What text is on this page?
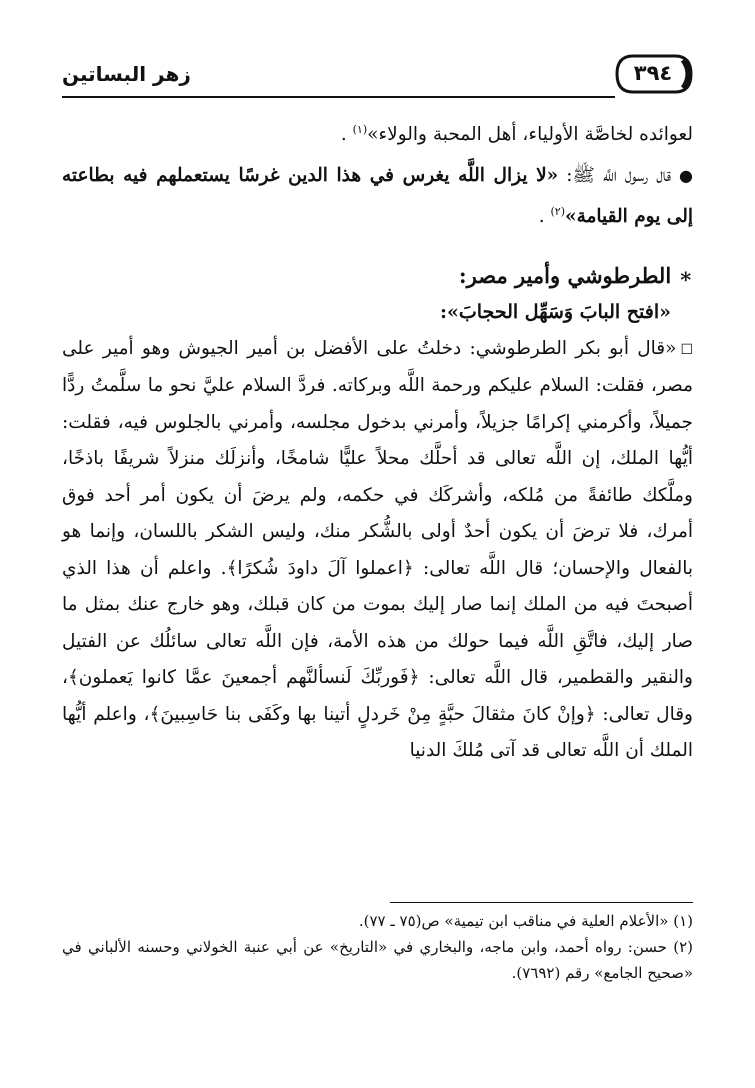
٣٩٤
زهر البساتين

لعوائده لخاصَّة الأولياء، أهل المحبة والولاء»$^{(١)}$ .

●قال رسول اللَّه ﷺ: «لا يزال اللَّه يغرس في هذا الدين غرسًا يستعملهم فيه بطاعته إلى يوم القيامة»$^{(٢)}$ .

∗ الطرطوشي وأمير مصر:

«افتح البابَ وَسَهِّل الحجابَ»:

☐«قال أبو بكر الطرطوشي: دخلتُ على الأفضل بن أمير الجيوش وهو أمير على مصر، فقلت: السلام عليكم ورحمة اللَّه وبركاته. فردَّ السلام عليَّ نحو ما سلَّمتُ ردًّا جميلاً، وأكرمني إكرامًا جزيلاً، وأمرني بدخول مجلسه، وأمرني بالجلوس فيه، فقلت: أيُّها الملك، إن اللَّه تعالى قد أحلَّك محلاً عليًّا شامخًا، وأنزلَك منزلاً شريفًا باذخًا، وملَّكك طائفةً من مُلكه، وأشركَك في حكمه، ولم يرضَ أن يكون أمر أحد فوق أمرك، فلا ترضَ أن يكون أحدٌ أولى بالشُّكر منك، وليس الشكر باللسان، وإنما هو بالفعال والإحسان؛ قال اللَّه تعالى: ﴿اعملوا آلَ داودَ شُكرًا﴾. واعلم أن هذا الذي أصبحتَ فيه من الملك إنما صار إليك بموت من كان قبلك، وهو خارج عنك بمثل ما صار إليك، فاتَّقِ اللَّه فيما حولك من هذه الأمة، فإن اللَّه تعالى سائلُك عن الفتيل والنقير والقطمير، قال اللَّه تعالى: ﴿فَوربِّكَ لَنسألنَّهم أجمعينَ عمَّا كانوا يَعملون﴾، وقال تعالى: ﴿وإنْ كانَ مثقالَ حبَّةٍ مِنْ خَردلٍ أتينا بها وكَفَى بنا حَاسِبينَ﴾، واعلم أيُّها الملك أن اللَّه تعالى قد آتى مُلكَ الدنيا

(١) «الأعلام العلية في مناقب ابن تيمية» ص(٧٥ ـ ٧٧).

(٢) حسن: رواه أحمد، وابن ماجه، والبخاري في «التاريخ» عن أبي عنبة الخولاني وحسنه الألباني في «صحيح الجامع» رقم (٧٦٩٢).
